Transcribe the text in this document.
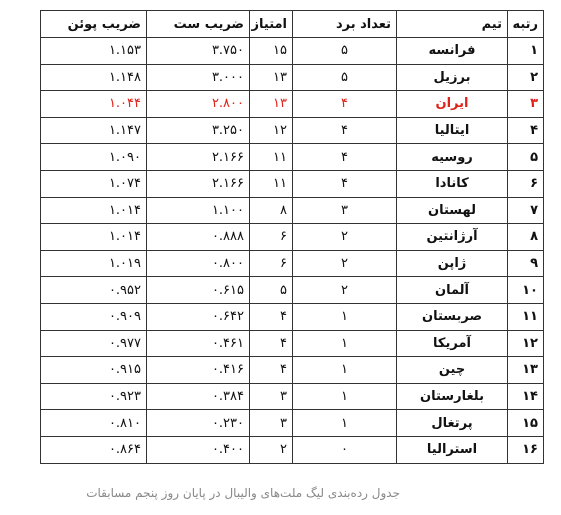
رتبه	تیم	تعداد برد	امتیاز	ضریب ست	ضریب پوئن
۱	فرانسه	۵	۱۵	۳.۷۵۰	۱.۱۵۳
۲	برزیل	۵	۱۳	۳.۰۰۰	۱.۱۴۸
۳	ایران	۴	۱۳	۲.۸۰۰	۱.۰۴۴
۴	ایتالیا	۴	۱۲	۳.۲۵۰	۱.۱۴۷
۵	روسیه	۴	۱۱	۲.۱۶۶	۱.۰۹۰
۶	کانادا	۴	۱۱	۲.۱۶۶	۱.۰۷۴
۷	لهستان	۳	۸	۱.۱۰۰	۱.۰۱۴
۸	آرژانتین	۲	۶	۰.۸۸۸	۱.۰۱۴
۹	ژاپن	۲	۶	۰.۸۰۰	۱.۰۱۹
۱۰	آلمان	۲	۵	۰.۶۱۵	۰.۹۵۲
۱۱	صربستان	۱	۴	۰.۶۴۲	۰.۹۰۹
۱۲	آمریکا	۱	۴	۰.۴۶۱	۰.۹۷۷
۱۳	چین	۱	۴	۰.۴۱۶	۰.۹۱۵
۱۴	بلغارستان	۱	۳	۰.۳۸۴	۰.۹۲۳
۱۵	پرتغال	۱	۳	۰.۲۳۰	۰.۸۱۰
۱۶	استرالیا	۰	۲	۰.۴۰۰	۰.۸۶۴
جدول رده‌بندی لیگ ملت‌های والیبال در پایان روز پنجم مسابقات
